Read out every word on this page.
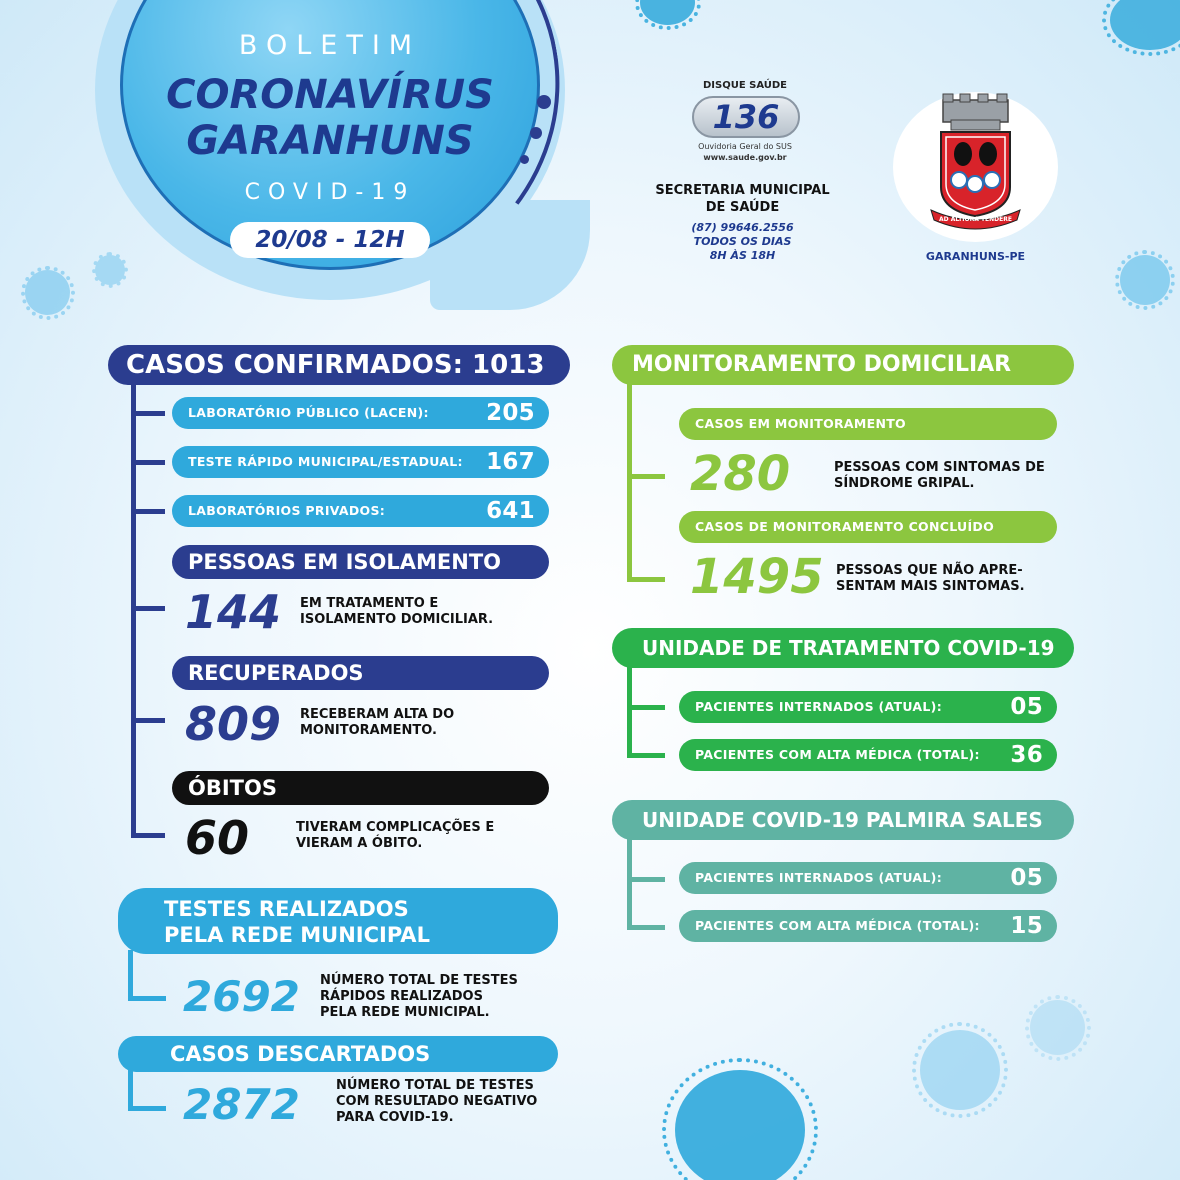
BOLETIM
CORONAVÍRUS
GARANHUNS
COVID-19
20/08 - 12H
DISQUE SAÚDE
136
Ouvidoria Geral do SUS
www.saude.gov.br
SECRETARIA MUNICIPAL
DE SAÚDE
(87) 99646.2556
TODOS OS DIAS
8H ÀS 18H
AD ALTIORA TENDERE
GARANHUNS-PE
CASOS CONFIRMADOS: 1013
LABORATÓRIO PÚBLICO (LACEN): 205
TESTE RÁPIDO MUNICIPAL/ESTADUAL: 167
LABORATÓRIOS PRIVADOS:	641
PESSOAS EM ISOLAMENTO
144 EM TRATAMENTO E
ISOLAMENTO DOMICILIAR.
RECUPERADOS
809 RECEBERAM ALTA DO
MONITORAMENTO.
ÓBITOS
60	TIVERAM COMPLICAÇÕES E
VIERAM A ÓBITO.
TESTES REALIZADOS
PELA REDE MUNICIPAL
2692 NÚMERO TOTAL DE TESTES
RÁPIDOS REALIZADOS
PELA REDE MUNICIPAL.
CASOS DESCARTADOS
2872	NÚMERO TOTAL DE TESTES
COM RESULTADO NEGATIVO
PARA COVID-19.
MONITORAMENTO DOMICILIAR
CASOS EM MONITORAMENTO
280	PESSOAS COM SINTOMAS DE
SÍNDROME GRIPAL.
CASOS DE MONITORAMENTO CONCLUÍDO
1495 PESSOAS QUE NÃO APRE-
SENTAM MAIS SINTOMAS.
UNIDADE DE TRATAMENTO COVID-19
PACIENTES INTERNADOS (ATUAL):	05
PACIENTES COM ALTA MÉDICA (TOTAL): 36
UNIDADE COVID-19 PALMIRA SALES
PACIENTES INTERNADOS (ATUAL):	05
PACIENTES COM ALTA MÉDICA (TOTAL): 15
